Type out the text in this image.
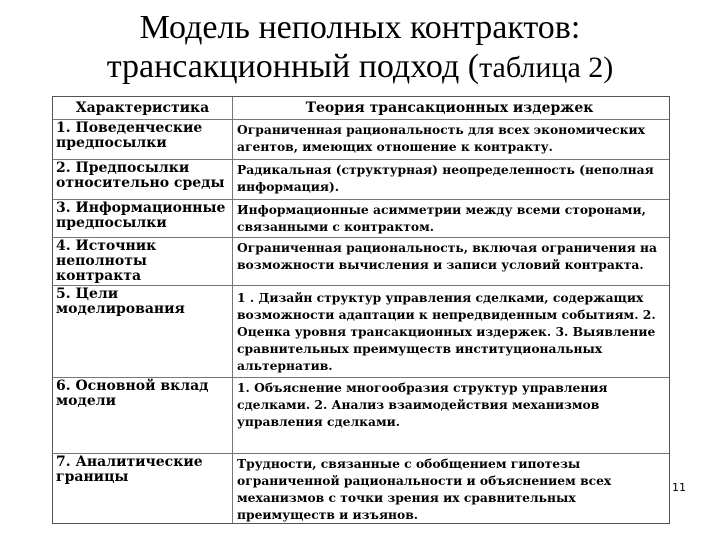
Модель неполных контрактов:
трансакционный подход (таблица 2)
Характеристика	Теория трансакционных издержек
1. Поведенческие предпосылки
Ограниченная рациональность для всех экономических агентов, имеющих отношение к контракту.
2. Предпосылки относительно среды
Радикальная (структурная) неопределенность (неполная информация).
3. Информационные предпосылки
Информационные асимметрии между всеми сторонами, связанными с контрактом.
4. Источник неполноты контракта
Ограниченная рациональность, включая ограничения на возможности вычисления и записи условий контракта.
5. Цели моделирования
1 . Дизайн структур управления сделками, содержащих возможности адаптации к непредвиденным событиям. 2. Оценка уровня трансакционных издержек. 3. Выявление сравнительных преимуществ институциональных альтернатив.
6. Основной вклад модели
1. Объяснение многообразия структур управления сделками. 2. Анализ взаимодействия механизмов управления сделками.
7. Аналитические границы
Трудности, связанные с обобщением гипотезы ограниченной рациональности и объяснением всех механизмов с точки зрения их сравнительных преимуществ и изъянов.
11
